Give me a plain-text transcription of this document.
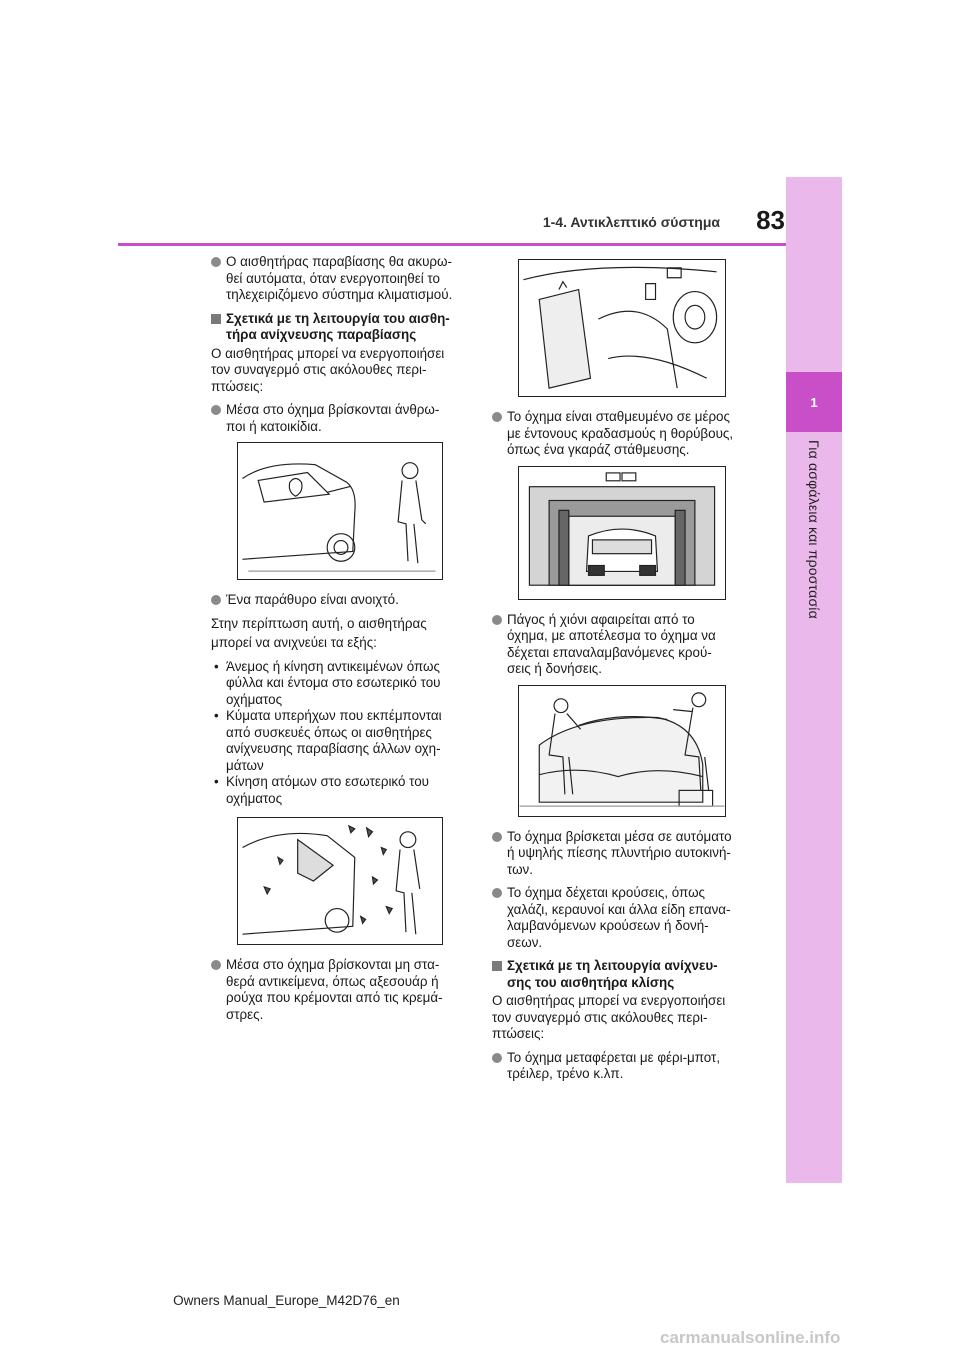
1
Για ασφάλεια και προστασία
1-4. Αντικλεπτικό σύστημα	83
Ο αισθητήρας παραβίασης θα ακυρω-
θεί αυτόματα, όταν ενεργοποιηθεί το
τηλεχειριζόμενο σύστημα κλιματισμού.
Σχετικά με τη λειτουργία του αισθη-
τήρα ανίχνευσης παραβίασης
Ο αισθητήρας μπορεί να ενεργοποιήσει
τον συναγερμό στις ακόλουθες περι-
πτώσεις:
Μέσα στο όχημα βρίσκονται άνθρω-
ποι ή κατοικίδια.
Ένα παράθυρο είναι ανοιχτό.
Στην περίπτωση αυτή, ο αισθητήρας
μπορεί να ανιχνεύει τα εξής:
• Άνεμος ή κίνηση αντικειμένων όπως
φύλλα και έντομα στο εσωτερικό του
οχήματος
• Κύματα υπερήχων που εκπέμπονται
από συσκευές όπως οι αισθητήρες
ανίχνευσης παραβίασης άλλων οχη-
μάτων
• Κίνηση ατόμων στο εσωτερικό του
οχήματος
Μέσα στο όχημα βρίσκονται μη στα-
θερά αντικείμενα, όπως αξεσουάρ ή
ρούχα που κρέμονται από τις κρεμά-
στρες.
Το όχημα είναι σταθμευμένο σε μέρος
με έντονους κραδασμούς η θορύβους,
όπως ένα γκαράζ στάθμευσης.
Πάγος ή χιόνι αφαιρείται από το
όχημα, με αποτέλεσμα το όχημα να
δέχεται επαναλαμβανόμενες κρού-
σεις ή δονήσεις.
Το όχημα βρίσκεται μέσα σε αυτόματο
ή υψηλής πίεσης πλυντήριο αυτοκινή-
των.
Το όχημα δέχεται κρούσεις, όπως
χαλάζι, κεραυνοί και άλλα είδη επανα-
λαμβανόμενων κρούσεων ή δονή-
σεων.
Σχετικά με τη λειτουργία ανίχνευ-
σης του αισθητήρα κλίσης
Ο αισθητήρας μπορεί να ενεργοποιήσει
τον συναγερμό στις ακόλουθες περι-
πτώσεις:
Το όχημα μεταφέρεται με φέρι-μποτ,
τρέιλερ, τρένο κ.λπ.
Owners Manual_Europe_M42D76_en
carmanualsonline.info
